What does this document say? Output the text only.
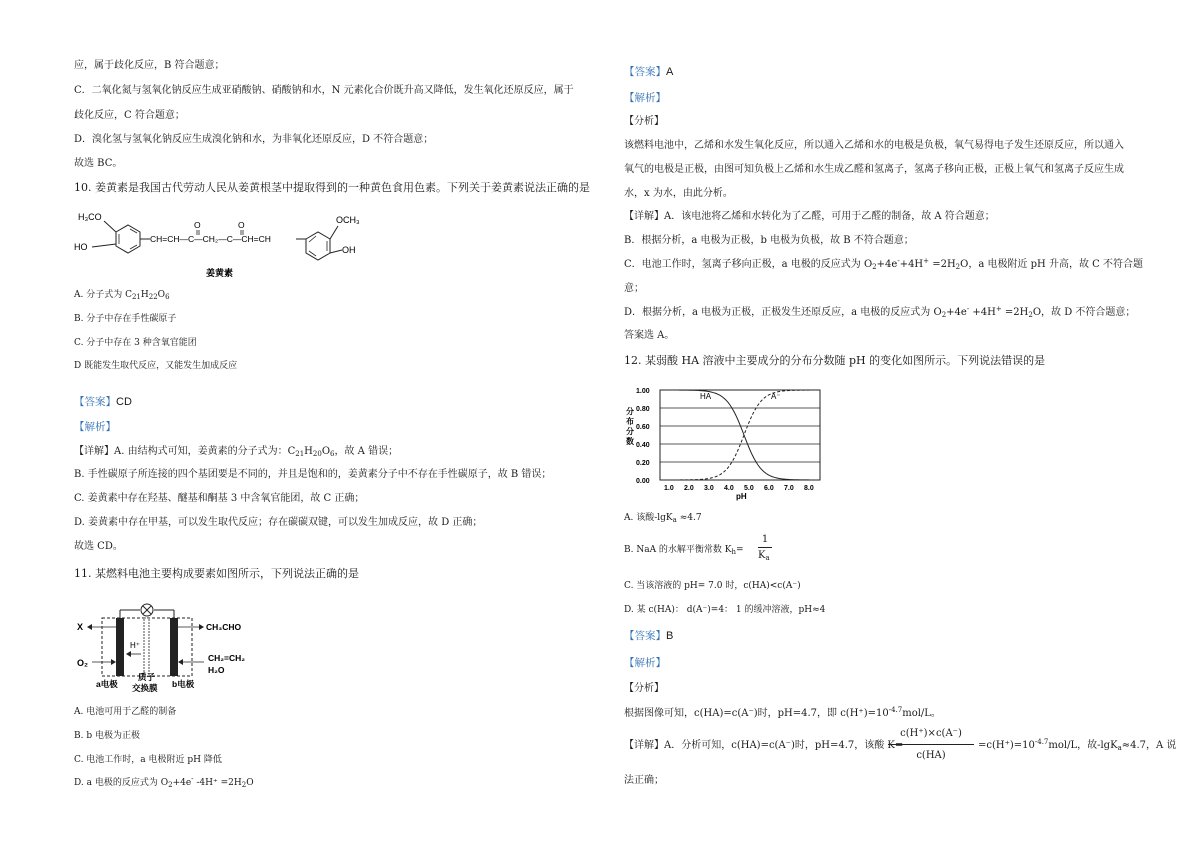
应，属于歧化反应，B 符合题意；
C．二氧化氮与氢氧化钠反应生成亚硝酸钠、硝酸钠和水，N 元素化合价既升高又降低，发生氧化还原反应，属于
歧化反应，C 符合题意；
D．溴化氢与氢氧化钠反应生成溴化钠和水，为非氧化还原反应，D 不符合题意；
故选 BC。
10. 姜黄素是我国古代劳动人民从姜黄根茎中提取得到的一种黄色食用色素。下列关于姜黄素说法正确的是
H₃CO
HO
CH=CH—C—CH₂—C—CH=CH
O	O	OCH₃
OH
姜黄素
A. 分子式为 $C_{21}H_{22}O_6$
B. 分子中存在手性碳原子
C. 分子中存在 3 种含氧官能团
D 既能发生取代反应，又能发生加成反应
【答案】CD
【解析】
【详解】A. 由结构式可知，姜黄素的分子式为：$C_{21}H_{20}O_6$，故 A 错误；
B. 手性碳原子所连接的四个基团要是不同的，并且是饱和的，姜黄素分子中不存在手性碳原子，故 B 错误；
C. 姜黄素中存在羟基、醚基和酮基 3 中含氧官能团，故 C 正确；
D. 姜黄素中存在甲基，可以发生取代反应；存在碳碳双键，可以发生加成反应，故 D 正确；
故选 CD。
11. 某燃料电池主要构成要素如图所示，下列说法正确的是
H⁺
X
O₂
CH₃CHO
CH₂=CH₂
H₂O
a电极
质子
交换膜 b电极
A. 电池可用于乙醛的制备
B. b 电极为正极
C. 电池工作时，a 电极附近 pH 降低
D. a 电极的反应式为 $O_2+4e^-$ $-4H^+ =2H_2O$
【答案】A
【解析】
【分析】
该燃料电池中，乙烯和水发生氧化反应，所以通入乙烯和水的电极是负极，氧气易得电子发生还原反应，所以通入
氧气的电极是正极，由图可知负极上乙烯和水生成乙醛和氢离子，氢离子移向正极，正极上氧气和氢离子反应生成
水，x 为水，由此分析。
【详解】A．该电池将乙烯和水转化为了乙醛，可用于乙醛的制备，故 A 符合题意；
B．根据分析，a 电极为正极，b 电极为负极，故 B 不符合题意；
C．电池工作时，氢离子移向正极，a 电极的反应式为 $O_2+4e^-+4H^+ =2H_2O$，a 电极附近 pH 升高，故 C 不符合题
意；
D．根据分析，a 电极为正极，正极发生还原反应，a 电极的反应式为 $O_2+4e^- +4H^+ =2H_2O$，故 D 不符合题意；
答案选 A。
12. 某弱酸 HA 溶液中主要成分的分布分数随 pH 的变化如图所示。下列说法错误的是
分
布
分
数
1.00
0.80
0.60
0.40
0.20
0.00
1.0 2.0 3.0 4.0 5.0 6.0 7.0 8.0
HA	A⁻
pH
A. 该酸-lgK$_a$ ≈4.7
B. NaA 的水解平衡常数 $K_h=$
1
$K_a$
C. 当该溶液的 pH= 7.0 时，c(HA)<c(A⁻)
D. 某 c(HA)： d(A⁻)=4： 1 的缓冲溶液，pH≈4
【答案】B
【解析】
【分析】
根据图像可知，c(HA)=c(A⁻)时，pH=4.7，即 $c(H^+)=10^{-4.7}mol/L$。
【详解】A．分析可知，c(HA)=c(A⁻)时，pH=4.7，该酸 K=
c(H⁺)×c(A⁻)
c(HA)
$=c(H^+)=10^{-4.7}mol/L$，故-lgK$_a$≈4.7，A 说
法正确；
